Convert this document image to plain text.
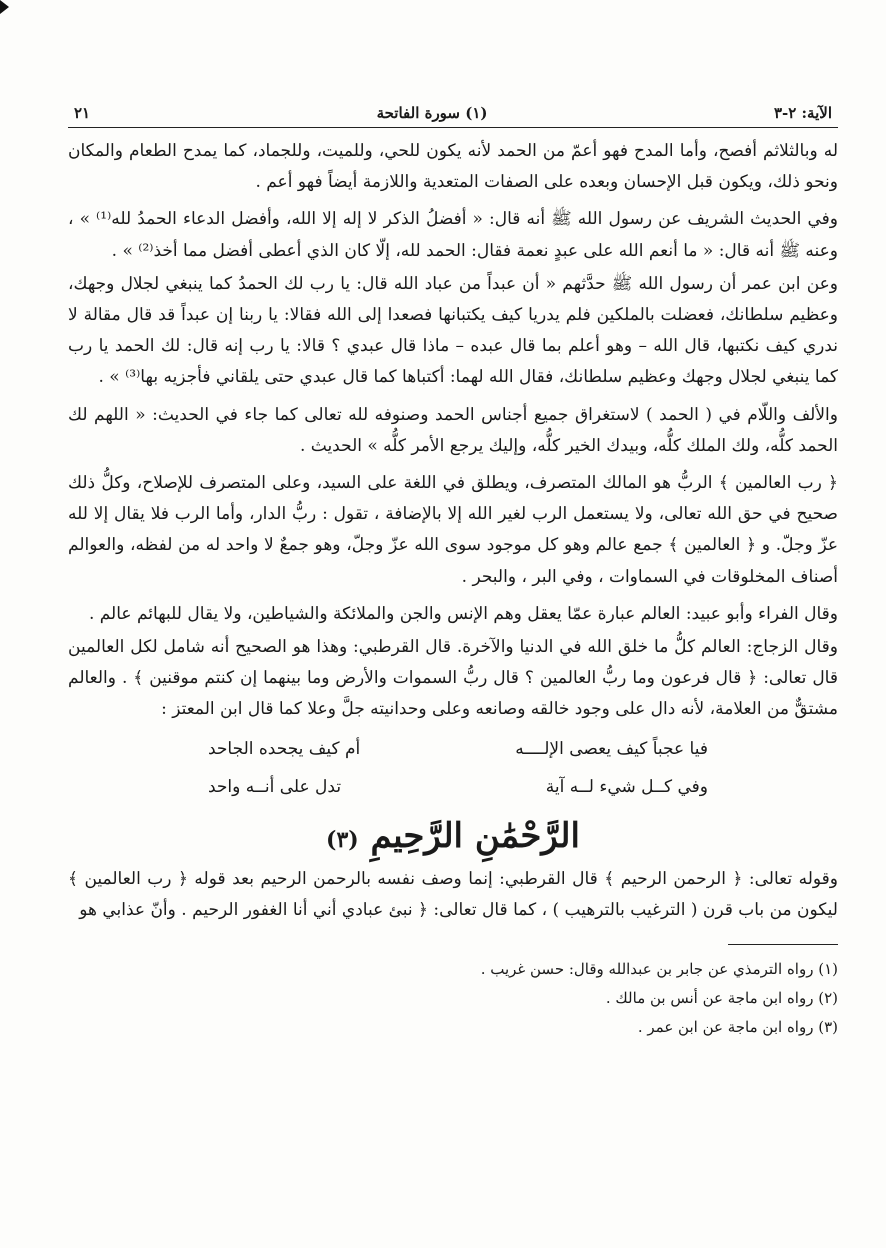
الآية: ٢-٣
(١) سورة الفاتحة
٢١

له وبالثلاثم أفصح، وأما المدح فهو أعمّ من الحمد لأنه يكون للحي، وللميت، وللجماد، كما يمدح الطعام والمكان ونحو ذلك، ويكون قبل الإحسان وبعده على الصفات المتعدية واللازمة أيضاً فهو أعم .

وفي الحديث الشريف عن رسول الله ﷺ أنه قال: « أفضلُ الذكر لا إله إلا الله، وأفضل الدعاء الحمدُ لله⁽¹⁾ » ، وعنه ﷺ أنه قال: « ما أنعم الله على عبدٍ نعمة فقال: الحمد لله، إلّا كان الذي أعطى أفضل مما أخذ⁽²⁾ » .

وعن ابن عمر أن رسول الله ﷺ حدَّثهم « أن عبداً من عباد الله قال: يا رب لك الحمدُ كما ينبغي لجلال وجهك، وعظيم سلطانك، فعضلت بالملكين فلم يدريا كيف يكتبانها فصعدا إلى الله فقالا: يا ربنا إن عبداً قد قال مقالة لا ندري كيف نكتبها، قال الله – وهو أعلم بما قال عبده – ماذا قال عبدي ؟ قالا: يا رب إنه قال: لك الحمد يا رب كما ينبغي لجلال وجهك وعظيم سلطانك، فقال الله لهما: أكتباها كما قال عبدي حتى يلقاني فأجزيه بها⁽³⁾ » .

والألف واللّام في ( الحمد ) لاستغراق جميع أجناس الحمد وصنوفه لله تعالى كما جاء في الحديث: « اللهم لك الحمد كلُّه، ولك الملك كلُّه، وبيدك الخير كلُّه، وإليك يرجع الأمر كلُّه » الحديث .

﴿ رب العالمين ﴾ الربُّ هو المالك المتصرف، ويطلق في اللغة على السيد، وعلى المتصرف للإصلاح، وكلُّ ذلك صحيح في حق الله تعالى، ولا يستعمل الرب لغير الله إلا بالإضافة ، تقول : ربُّ الدار، وأما الرب فلا يقال إلا لله عزّ وجلّ. و ﴿ العالمين ﴾ جمع عالم وهو كل موجود سوى الله عزّ وجلّ، وهو جمعٌ لا واحد له من لفظه، والعوالم أصناف المخلوقات في السماوات ، وفي البر ، والبحر .

وقال الفراء وأبو عبيد: العالم عبارة عمّا يعقل وهم الإنس والجن والملائكة والشياطين، ولا يقال للبهائم عالم .

وقال الزجاج: العالم كلُّ ما خلق الله في الدنيا والآخرة. قال القرطبي: وهذا هو الصحيح أنه شامل لكل العالمين قال تعالى: ﴿ قال فرعون وما ربُّ العالمين ؟ قال ربُّ السموات والأرض وما بينهما إن كنتم موقنين ﴾ . والعالم مشتقٌّ من العلامة، لأنه دال على وجود خالقه وصانعه وعلى وحدانيته جلَّ وعلا كما قال ابن المعتز :

فيا عجباً كيف يعصى الإلــــه
أم كيف يجحده الجاحد
وفي كــل شيء لــه آية
تدل على أنــه واحد
الرَّحْمَٰنِ الرَّحِيمِ (٣)

وقوله تعالى: ﴿ الرحمن الرحيم ﴾ قال القرطبي: إنما وصف نفسه بالرحمن الرحيم بعد قوله ﴿ رب العالمين ﴾ ليكون من باب قرن ( الترغيب بالترهيب ) ، كما قال تعالى: ﴿ نبئ عبادي أني أنا الغفور الرحيم . وأنّ عذابي هو

(١) رواه الترمذي عن جابر بن عبدالله وقال: حسن غريب .
(٢) رواه ابن ماجة عن أنس بن مالك .
(٣) رواه ابن ماجة عن ابن عمر .
